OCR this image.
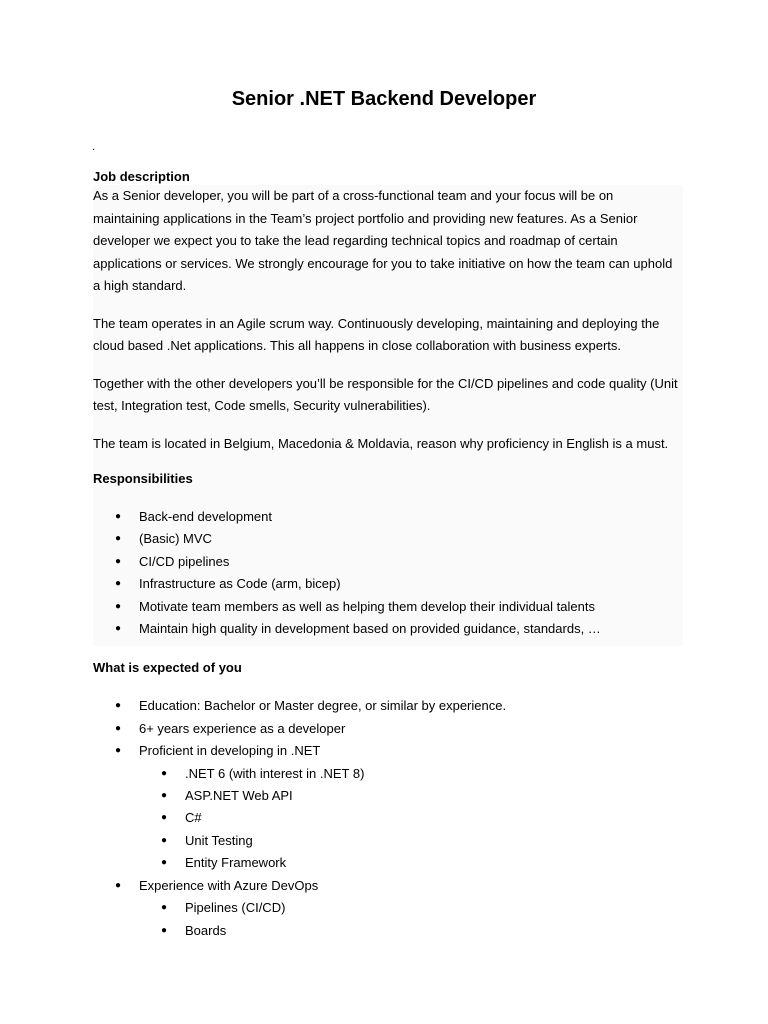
Senior .NET Backend Developer
.

Job description

As a Senior developer, you will be part of a cross-functional team and your focus will be on maintaining applications in the Team’s project portfolio and providing new features. As a Senior developer we expect you to take the lead regarding technical topics and roadmap of certain applications or services. We strongly encourage for you to take initiative on how the team can uphold a high standard.

The team operates in an Agile scrum way. Continuously developing, maintaining and deploying the cloud based .Net applications. This all happens in close collaboration with business experts.

Together with the other developers you’ll be responsible for the CI/CD pipelines and code quality (Unit test, Integration test, Code smells, Security vulnerabilities).

The team is located in Belgium, Macedonia & Moldavia, reason why proficiency in English is a must.

Responsibilities

● Back-end development
● (Basic) MVC
● CI/CD pipelines
● Infrastructure as Code (arm, bicep)
● Motivate team members as well as helping them develop their individual talents
● Maintain high quality in development based on provided guidance, standards, …

What is expected of you

● Education: Bachelor or Master degree, or similar by experience.
● 6+ years experience as a developer
● Proficient in developing in .NET
● .NET 6 (with interest in .NET 8)
● ASP.NET Web API
● C#
● Unit Testing
● Entity Framework
● Experience with Azure DevOps
● Pipelines (CI/CD)
● Boards
